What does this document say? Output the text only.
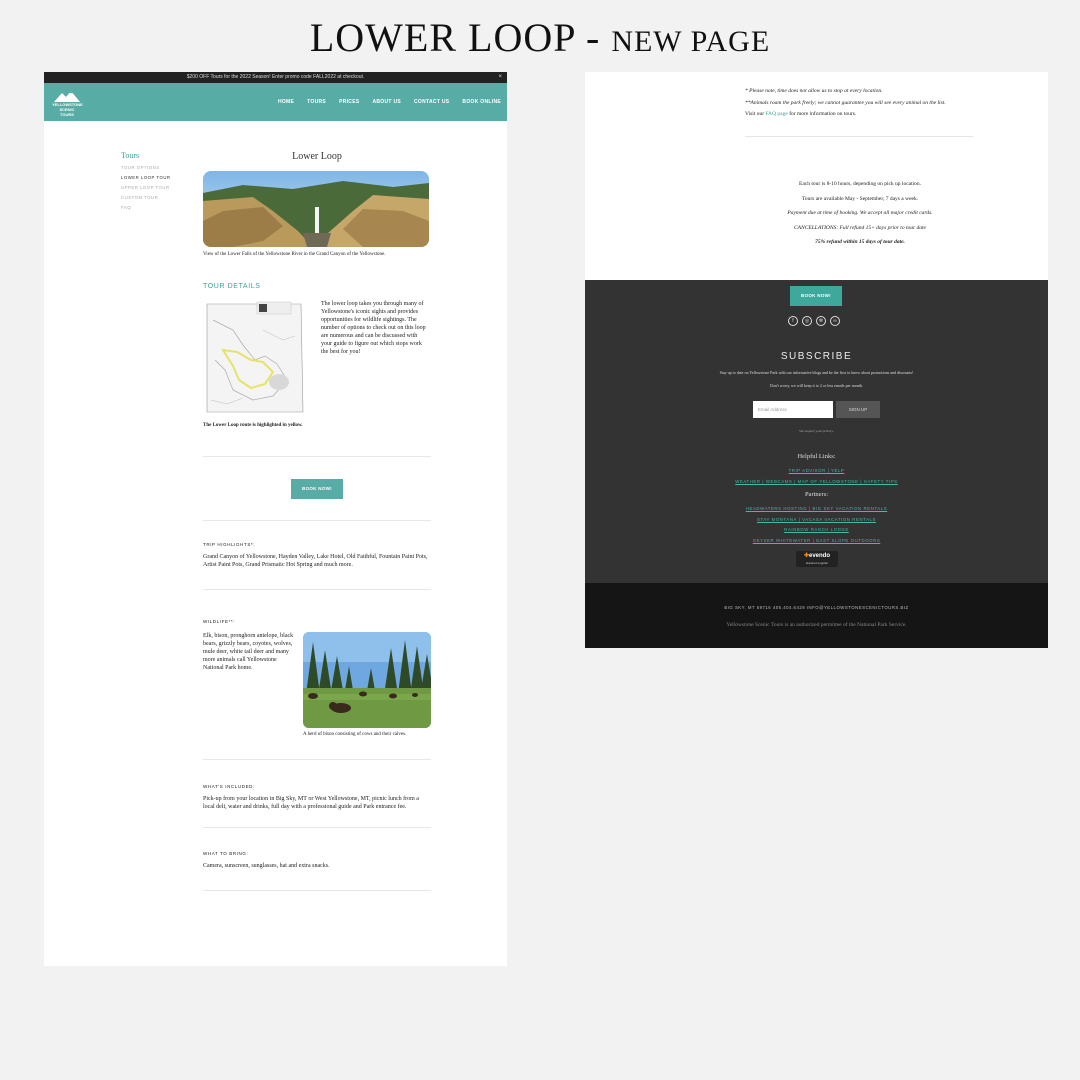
LOWER LOOP - NEW PAGE
$200 OFF Tours for the 2022 Season! Enter promo code FALL2022 at checkout.	×
YELLOWSTONE
SCENIC TOURS
HOME	TOURS	PRICES	ABOUT US	CONTACT US	BOOK ONLINE
Tours
TOUR OPTIONS
LOWER LOOP TOUR
UPPER LOOP TOUR
CUSTOM TOUR
FAQ
Lower Loop
View of the Lower Falls of the Yellowstone River in the Grand Canyon of the Yellowstone.
TOUR DETAILS
The Lower Loop route is highlighted in yellow.
The lower loop takes you through many of Yellowstone's iconic sights and provides opportunities for wildlife sightings. The number of options to check out on this loop are numerous and can be discussed with your guide to figure out which stops work the best for you!
BOOK NOW!
TRIP HIGHLIGHTS*:
Grand Canyon of Yellowstone, Hayden Valley, Lake Hotel, Old Faithful, Fountain Paint Pots, Artist Paint Pots, Grand Prismatic Hot Spring and much more.
WILDLIFE**:
Elk, bison, pronghorn antelope, black bears, grizzly bears, coyotes, wolves, mule deer, white tail deer and many more animals call Yellowstone National Park home.
A herd of bison consisting of cows and their calves.
WHAT'S INCLUDED:
Pick-up from your location in Big Sky, MT or West Yellowstone, MT, picnic lunch from a local deli, water and drinks, full day with a professional guide and Park entrance fee.
WHAT TO BRING:
Camera, sunscreen, sunglasses, hat and extra snacks.
* Please note, time does not allow us to stop at every location.
**Animals roam the park freely; we cannot guarantee you will see every animal on the list.
Visit our FAQ page for more information on tours.
Each tour is 8-10 hours, depending on pick up location.
Tours are available May - September, 7 days a week.
Payment due at time of booking. We accept all major credit cards.
CANCELLATIONS: Full refund 15+ days prior to tour date
75% refund within 15 days of tour date.
BOOK NOW!
f	◎	✻	∞
SUBSCRIBE
Stay up to date on Yellowstone Park with our informative blogs and be the first to know about promotions and discounts!
Don't worry, we will keep it to 2 or less emails per month.
Email Address	SIGN UP
We respect your privacy.
Helpful Links:
TRIP ADVISOR | YELP
WEATHER | WEBCAMS | MAP OF YELLOWSTONE | SAFETY TIPS
Partners:
HEADWATERS HOSTING | BIG SKY VACATION RENTALS
STAY MONTANA | VACASA VACATION RENTALS
RAINBOW RANCH LODGE
GEYSER WHITEWATER | EAST SLOPE OUTDOORS
✚evendo
featured supplier
BIG SKY, MT 59716 406.404.6429 INFO@YELLOWSTONESCENICTOURS.BIZ
Yellowstone Scenic Tours is an authorized permittee of the National Park Service.
